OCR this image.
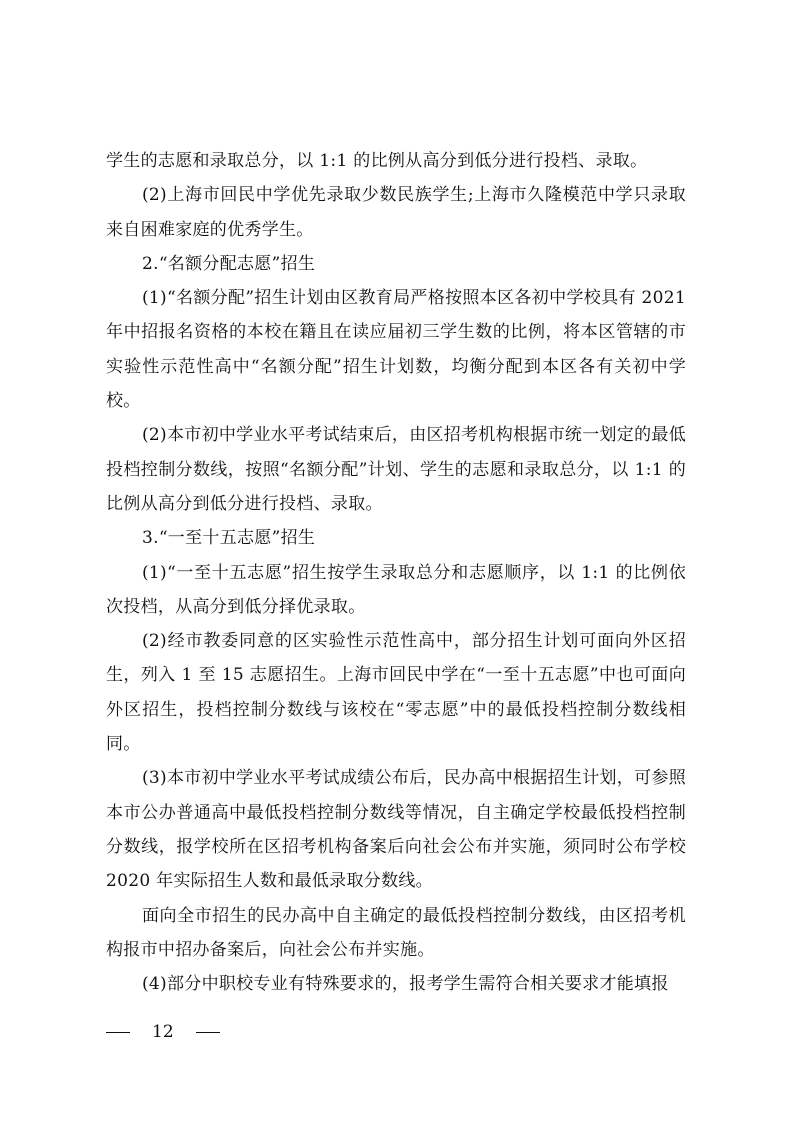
学生的志愿和录取总分，以 1:1 的比例从高分到低分进行投档、录取。

(2)上海市回民中学优先录取少数民族学生;上海市久隆模范中学只录取来自困难家庭的优秀学生。

2.“名额分配志愿”招生

(1)“名额分配”招生计划由区教育局严格按照本区各初中学校具有 2021 年中招报名资格的本校在籍且在读应届初三学生数的比例，将本区管辖的市实验性示范性高中“名额分配”招生计划数，均衡分配到本区各有关初中学校。

(2)本市初中学业水平考试结束后，由区招考机构根据市统一划定的最低投档控制分数线，按照“名额分配”计划、学生的志愿和录取总分，以 1:1 的比例从高分到低分进行投档、录取。

3.“一至十五志愿”招生

(1)“一至十五志愿”招生按学生录取总分和志愿顺序，以 1:1 的比例依次投档，从高分到低分择优录取。

(2)经市教委同意的区实验性示范性高中，部分招生计划可面向外区招生，列入 1 至 15 志愿招生。上海市回民中学在“一至十五志愿”中也可面向外区招生，投档控制分数线与该校在“零志愿”中的最低投档控制分数线相同。

(3)本市初中学业水平考试成绩公布后，民办高中根据招生计划，可参照本市公办普通高中最低投档控制分数线等情况，自主确定学校最低投档控制分数线，报学校所在区招考机构备案后向社会公布并实施，须同时公布学校 2020 年实际招生人数和最低录取分数线。

面向全市招生的民办高中自主确定的最低投档控制分数线，由区招考机构报市中招办备案后，向社会公布并实施。

(4)部分中职校专业有特殊要求的，报考学生需符合相关要求才能填报

12
